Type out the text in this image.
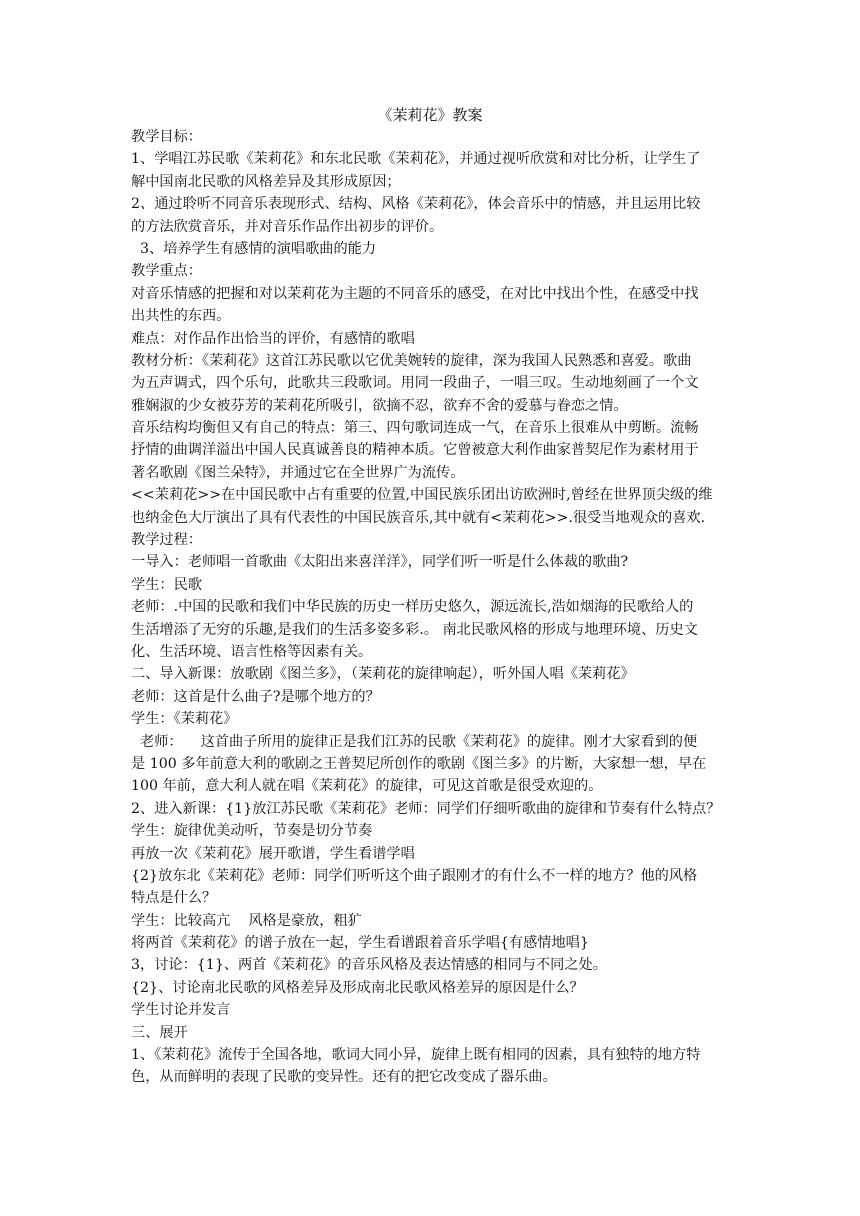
《茉莉花》教案
教学目标：
1、学唱江苏民歌《茉莉花》和东北民歌《茉莉花》，并通过视听欣赏和对比分析，让学生了
解中国南北民歌的风格差异及其形成原因；
2、通过聆听不同音乐表现形式、结构、风格《茉莉花》，体会音乐中的情感，并且运用比较
的方法欣赏音乐，并对音乐作品作出初步的评价。
3、培养学生有感情的演唱歌曲的能力
教学重点：
对音乐情感的把握和对以茉莉花为主题的不同音乐的感受，在对比中找出个性，在感受中找
出共性的东西。
难点：对作品作出恰当的评价，有感情的歌唱
教材分析：《茉莉花》这首江苏民歌以它优美婉转的旋律，深为我国人民熟悉和喜爱。歌曲
为五声调式，四个乐句，此歌共三段歌词。用同一段曲子，一唱三叹。生动地刻画了一个文
雅娴淑的少女被芬芳的茉莉花所吸引，欲摘不忍，欲弃不舍的爱慕与眷恋之情。
音乐结构均衡但又有自己的特点：第三、四句歌词连成一气，在音乐上很难从中剪断。流畅
抒情的曲调洋溢出中国人民真诚善良的精神本质。它曾被意大利作曲家普契尼作为素材用于
著名歌剧《图兰朵特》，并通过它在全世界广为流传。
<<茉莉花>>在中国民歌中占有重要的位置,中国民族乐团出访欧洲时,曾经在世界顶尖级的维
也纳金色大厅演出了具有代表性的中国民族音乐,其中就有<茉莉花>>.很受当地观众的喜欢.
教学过程：
一导入：老师唱一首歌曲《太阳出来喜洋洋》，同学们听一听是什么体裁的歌曲?
学生：民歌
老师：.中国的民歌和我们中华民族的历史一样历史悠久，源远流长,浩如烟海的民歌给人的
生活增添了无穷的乐趣,是我们的生活多姿多彩.。 南北民歌风格的形成与地理环境、历史文
化、生活环境、语言性格等因素有关。
二、导入新课：放歌剧《图兰多》，（茉莉花的旋律响起），听外国人唱《茉莉花》
老师：这首是什么曲子?是哪个地方的？
学生：《茉莉花》
老师：    这首曲子所用的旋律正是我们江苏的民歌《茉莉花》的旋律。刚才大家看到的便
是 100 多年前意大利的歌剧之王普契尼所创作的歌剧《图兰多》的片断，大家想一想，早在
100 年前，意大利人就在唱《茉莉花》的旋律，可见这首歌是很受欢迎的。
2、进入新课：{1}放江苏民歌《茉莉花》老师：同学们仔细听歌曲的旋律和节奏有什么特点？
学生：旋律优美动听，节奏是切分节奏
再放一次《茉莉花》展开歌谱，学生看谱学唱
{2}放东北《茉莉花》老师：同学们听听这个曲子跟刚才的有什么不一样的地方？他的风格
特点是什么？
学生：比较高亢    风格是豪放，粗犷
将两首《茉莉花》的谱子放在一起，学生看谱跟着音乐学唱{有感情地唱}
3，讨论：{1}、两首《茉莉花》的音乐风格及表达情感的相同与不同之处。
{2}、讨论南北民歌的风格差异及形成南北民歌风格差异的原因是什么？
学生讨论并发言
三、展开
1、《茉莉花》流传于全国各地，歌词大同小异，旋律上既有相同的因素，具有独特的地方特
色，从而鲜明的表现了民歌的变异性。还有的把它改变成了器乐曲。
